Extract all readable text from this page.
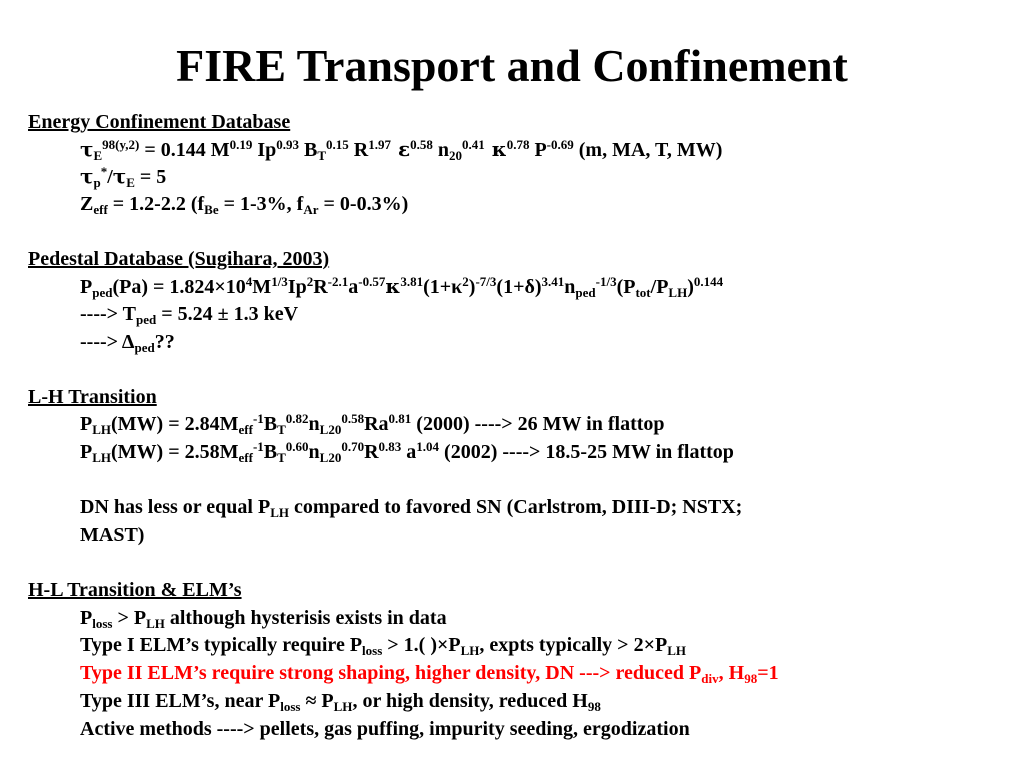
FIRE Transport and Confinement
Energy Confinement Database
$\tau_E^{98(y,2)} = 0.144$ $M^{0.19}$ $Ip^{0.93}$ $B_T^{0.15}$ $R^{1.97}$ $\varepsilon^{0.58}$ $n_{20}^{0.41}$ $\kappa^{0.78}$ $P^{-0.69}$ (m, MA, T, MW)
$\tau_p^*/\tau_E = 5$
$Z_{eff} = 1.2-2.2$ ($f_{Be} = 1-3\%$, $f_{Ar} = 0-0.3\%$)
Pedestal Database (Sugihara, 2003)
$P_{ped}(Pa) = 1.824\times 10^4M^{1/3}Ip^2R^{-2.1}a^{-0.57}\kappa^{3.81}(1+\kappa^2)^{-7/3}(1+\delta)^{3.41}n_{ped}^{-1/3}(P_{tot}/P_{LH})^{0.144}$
----> $T_{ped} = 5.24 \pm 1.3$ keV
----> $\Delta_{ped}$??
L-H Transition
$P_{LH}(MW) = 2.84M_{eff}^{-1}B_T^{0.82}n_{L20}^{0.58}Ra^{0.81}$ (2000) ----> 26 MW in flattop
$P_{LH}(MW) = 2.58M_{eff}^{-1}B_T^{0.60}n_{L20}^{0.70}R^{0.83}$ $a^{1.04}$ (2002) ----> 18.5-25 MW in flattop
DN has less or equal $P_{LH}$ compared to favored SN (Carlstrom, DIII-D; NSTX;
MAST)
H-L Transition & ELM’s
$P_{loss} > P_{LH}$ although hysterisis exists in data
Type I ELM’s typically require $P_{loss} > 1$.( )$\times P_{LH}$, expts typically > $2\times P_{LH}$
Type II ELM’s require strong shaping, higher density, DN ---> reduced $P_{div}$, $H_{98}=1$
Type III ELM’s, near $P_{loss} \approx P_{LH}$, or high density, reduced $H_{98}$
Active methods ----> pellets, gas puffing, impurity seeding, ergodization
